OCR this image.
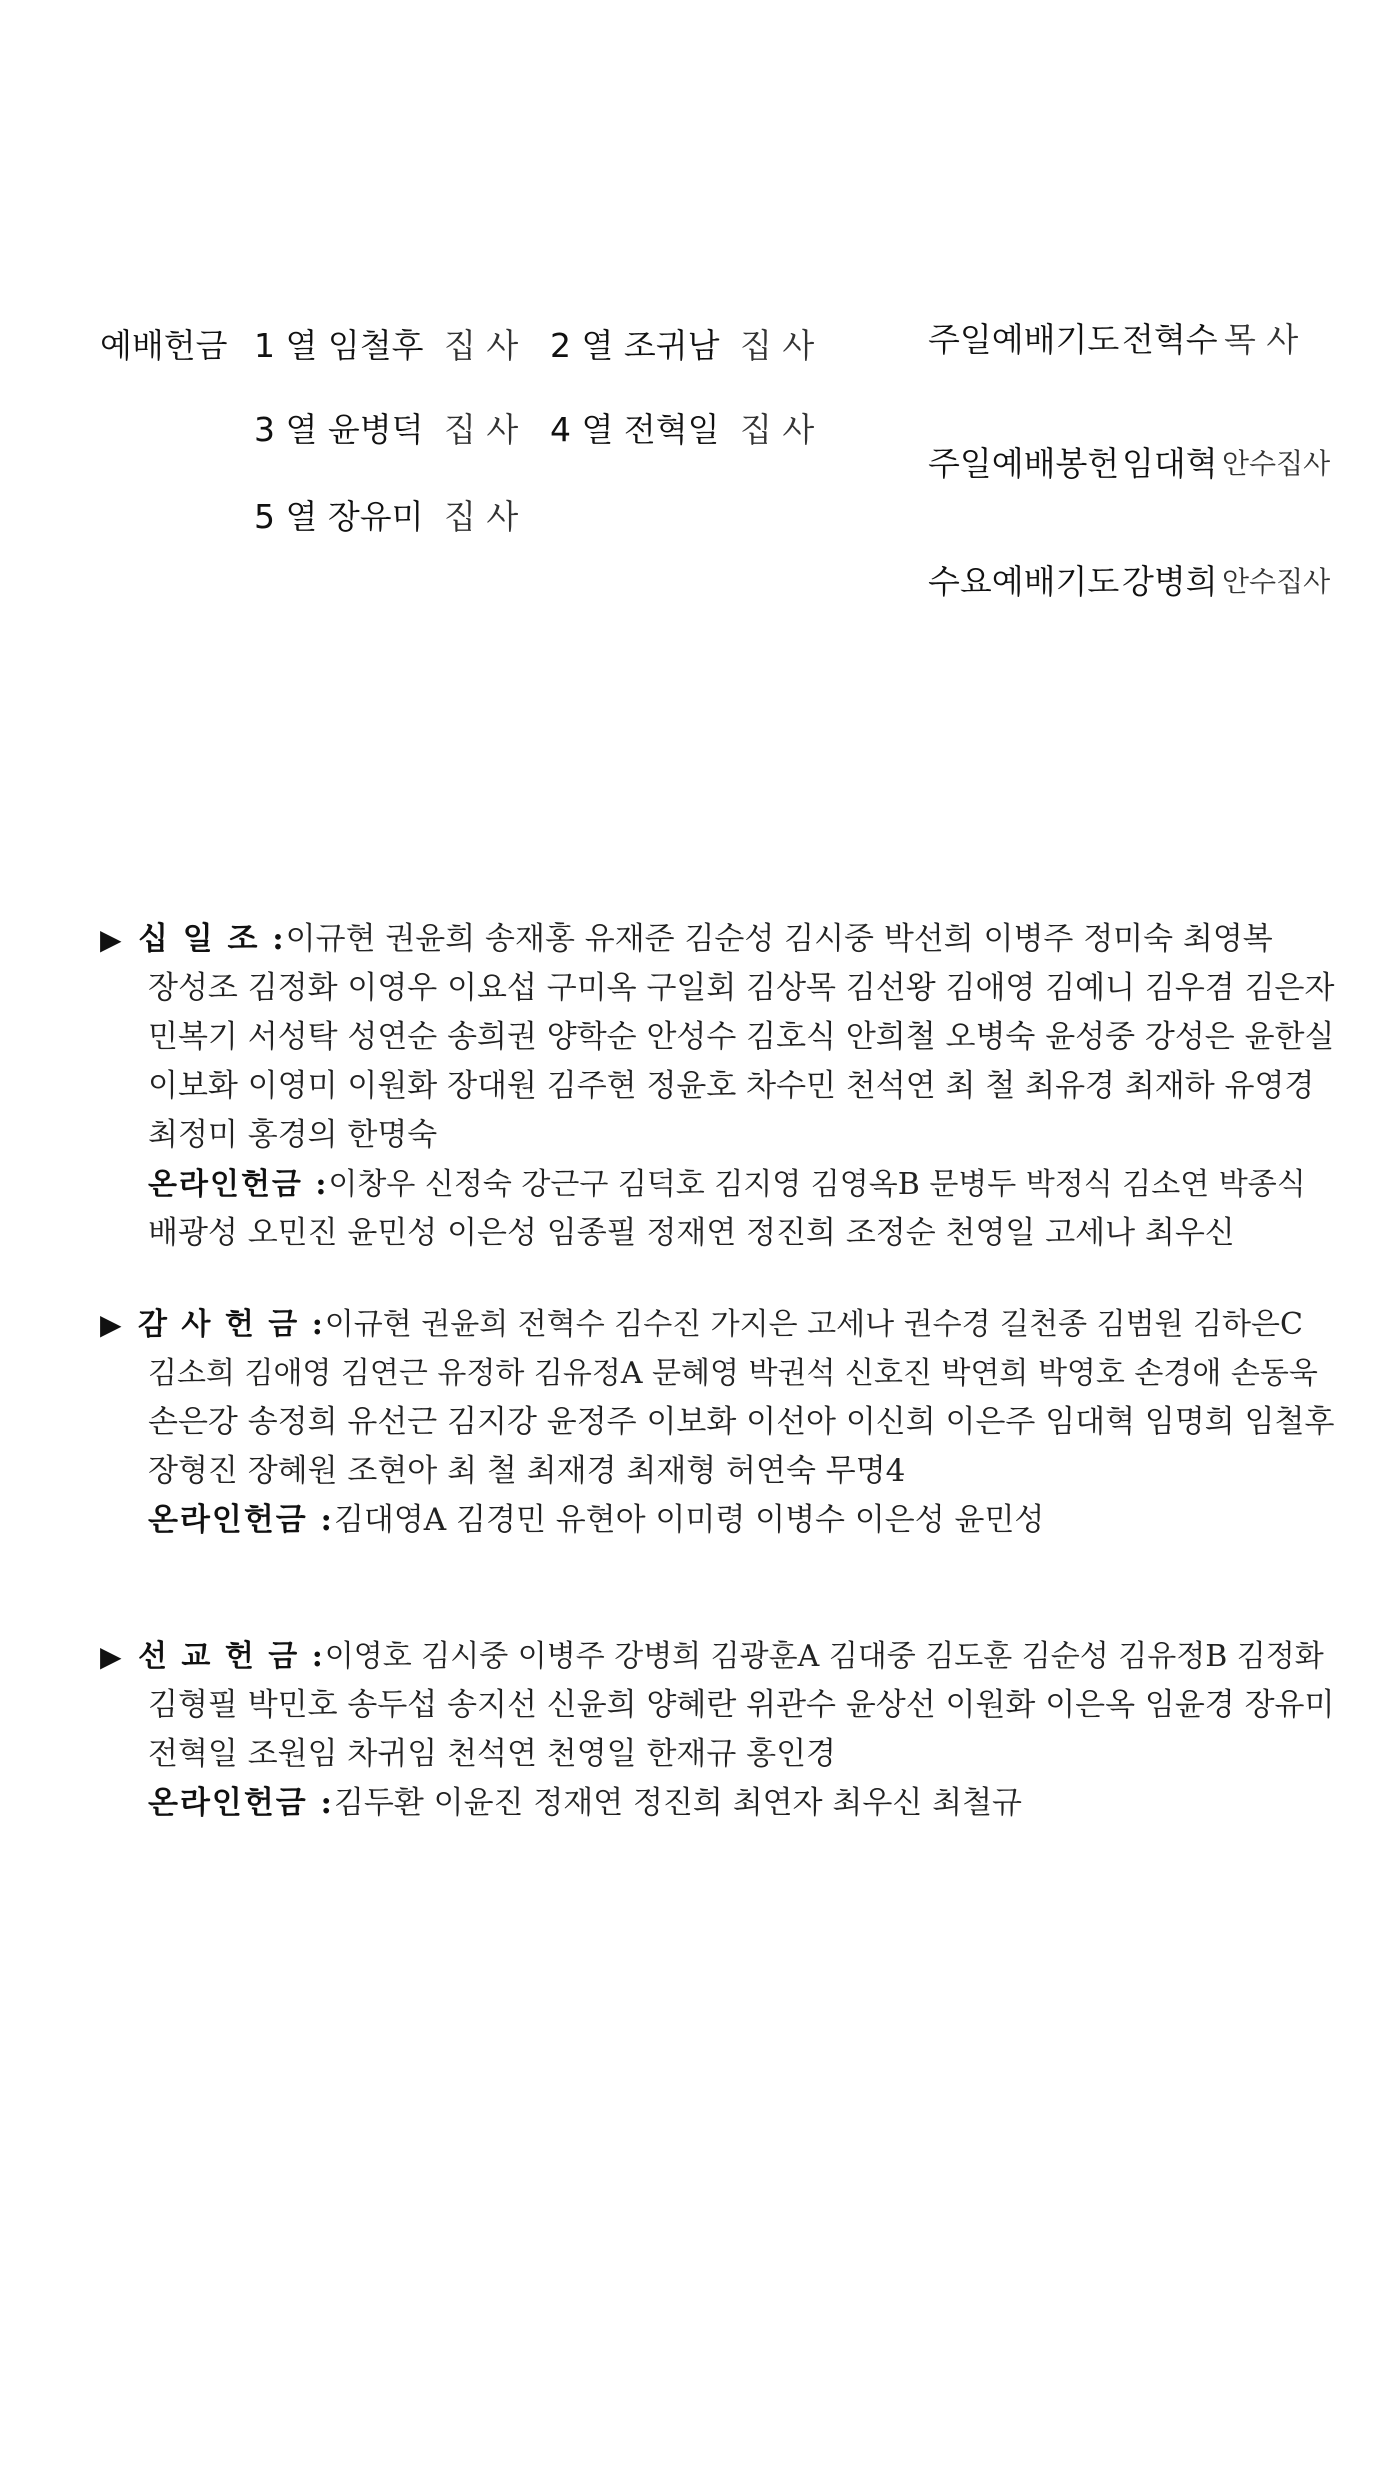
예배헌금 1 열 임철후 집 사 2 열 조귀남 집 사
3 열 윤병덕 집 사 4 열 전혁일 집 사
5 열 장유미 집 사
주일예배기도 전혁수 목 사
주일예배봉헌 임대혁 안수집사
수요예배기도 강병희 안수집사
▶ 십 일 조 :이규현 권윤희 송재홍 유재준 김순성 김시중 박선희 이병주 정미숙 최영복
장성조 김정화 이영우 이요섭 구미옥 구일회 김상목 김선왕 김애영 김예니 김우겸 김은자
민복기 서성탁 성연순 송희권 양학순 안성수 김호식 안희철 오병숙 윤성중 강성은 윤한실
이보화 이영미 이원화 장대원 김주현 정윤호 차수민 천석연 최 철 최유경 최재하 유영경
최정미 홍경의 한명숙
온라인헌금 :이창우 신정숙 강근구 김덕호 김지영 김영옥B 문병두 박정식 김소연 박종식
배광성 오민진 윤민성 이은성 임종필 정재연 정진희 조정순 천영일 고세나 최우신
▶ 감 사 헌 금 :이규현 권윤희 전혁수 김수진 가지은 고세나 권수경 길천종 김범원 김하은C
김소희 김애영 김연근 유정하 김유정A 문혜영 박권석 신호진 박연희 박영호 손경애 손동욱
손은강 송정희 유선근 김지강 윤정주 이보화 이선아 이신희 이은주 임대혁 임명희 임철후
장형진 장혜원 조현아 최 철 최재경 최재형 허연숙 무명4
온라인헌금 :김대영A 김경민 유현아 이미령 이병수 이은성 윤민성
▶ 선 교 헌 금 :이영호 김시중 이병주 강병희 김광훈A 김대중 김도훈 김순성 김유정B 김정화
김형필 박민호 송두섭 송지선 신윤희 양혜란 위관수 윤상선 이원화 이은옥 임윤경 장유미
전혁일 조원임 차귀임 천석연 천영일 한재규 홍인경
온라인헌금 :김두환 이윤진 정재연 정진희 최연자 최우신 최철규
